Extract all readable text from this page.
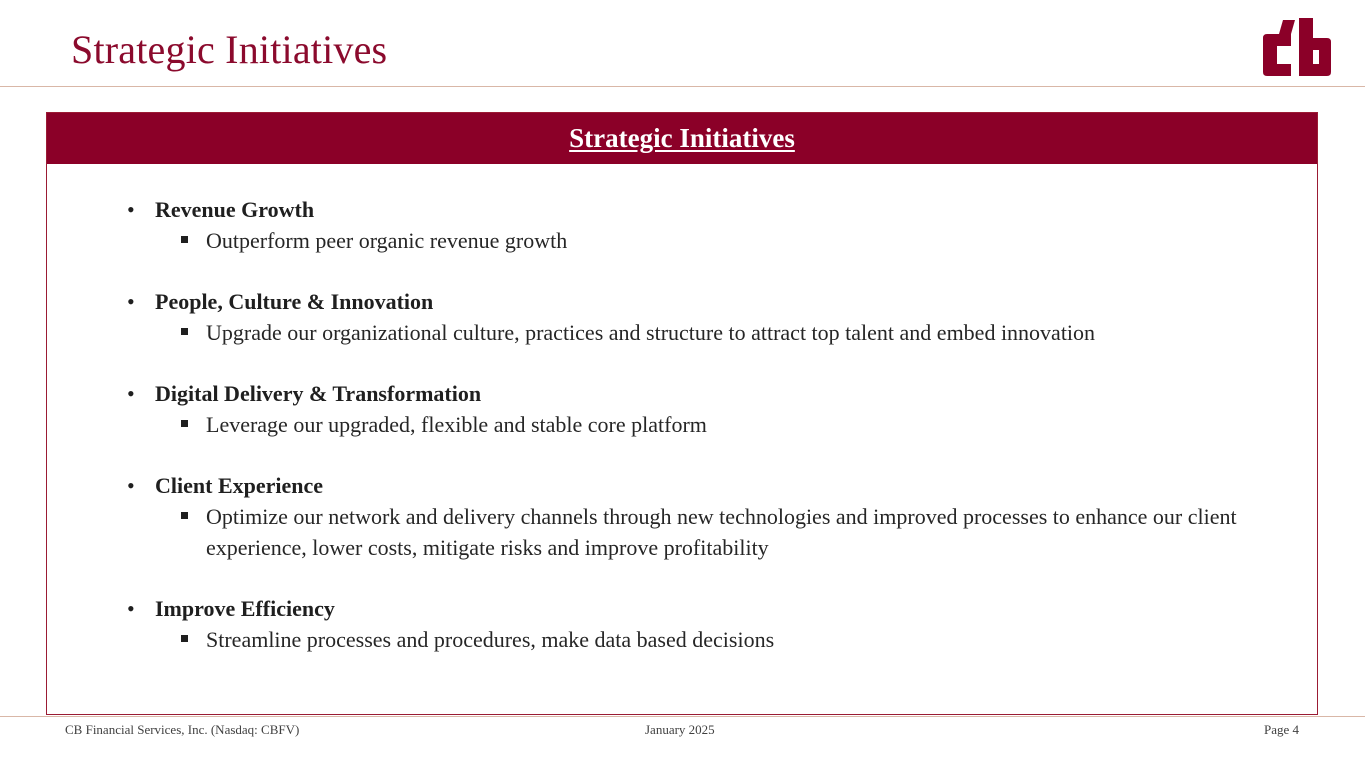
Strategic Initiatives
Strategic Initiatives
• Revenue Growth
Outperform peer organic revenue growth
• People, Culture & Innovation
Upgrade our organizational culture, practices and structure to attract top talent and embed innovation
• Digital Delivery & Transformation
Leverage our upgraded, flexible and stable core platform
• Client Experience
Optimize our network and delivery channels through new technologies and improved processes to enhance our client experience, lower costs, mitigate risks and improve profitability
• Improve Efficiency
Streamline processes and procedures, make data based decisions
CB Financial Services, Inc. (Nasdaq: CBFV)	January 2025	Page 4
